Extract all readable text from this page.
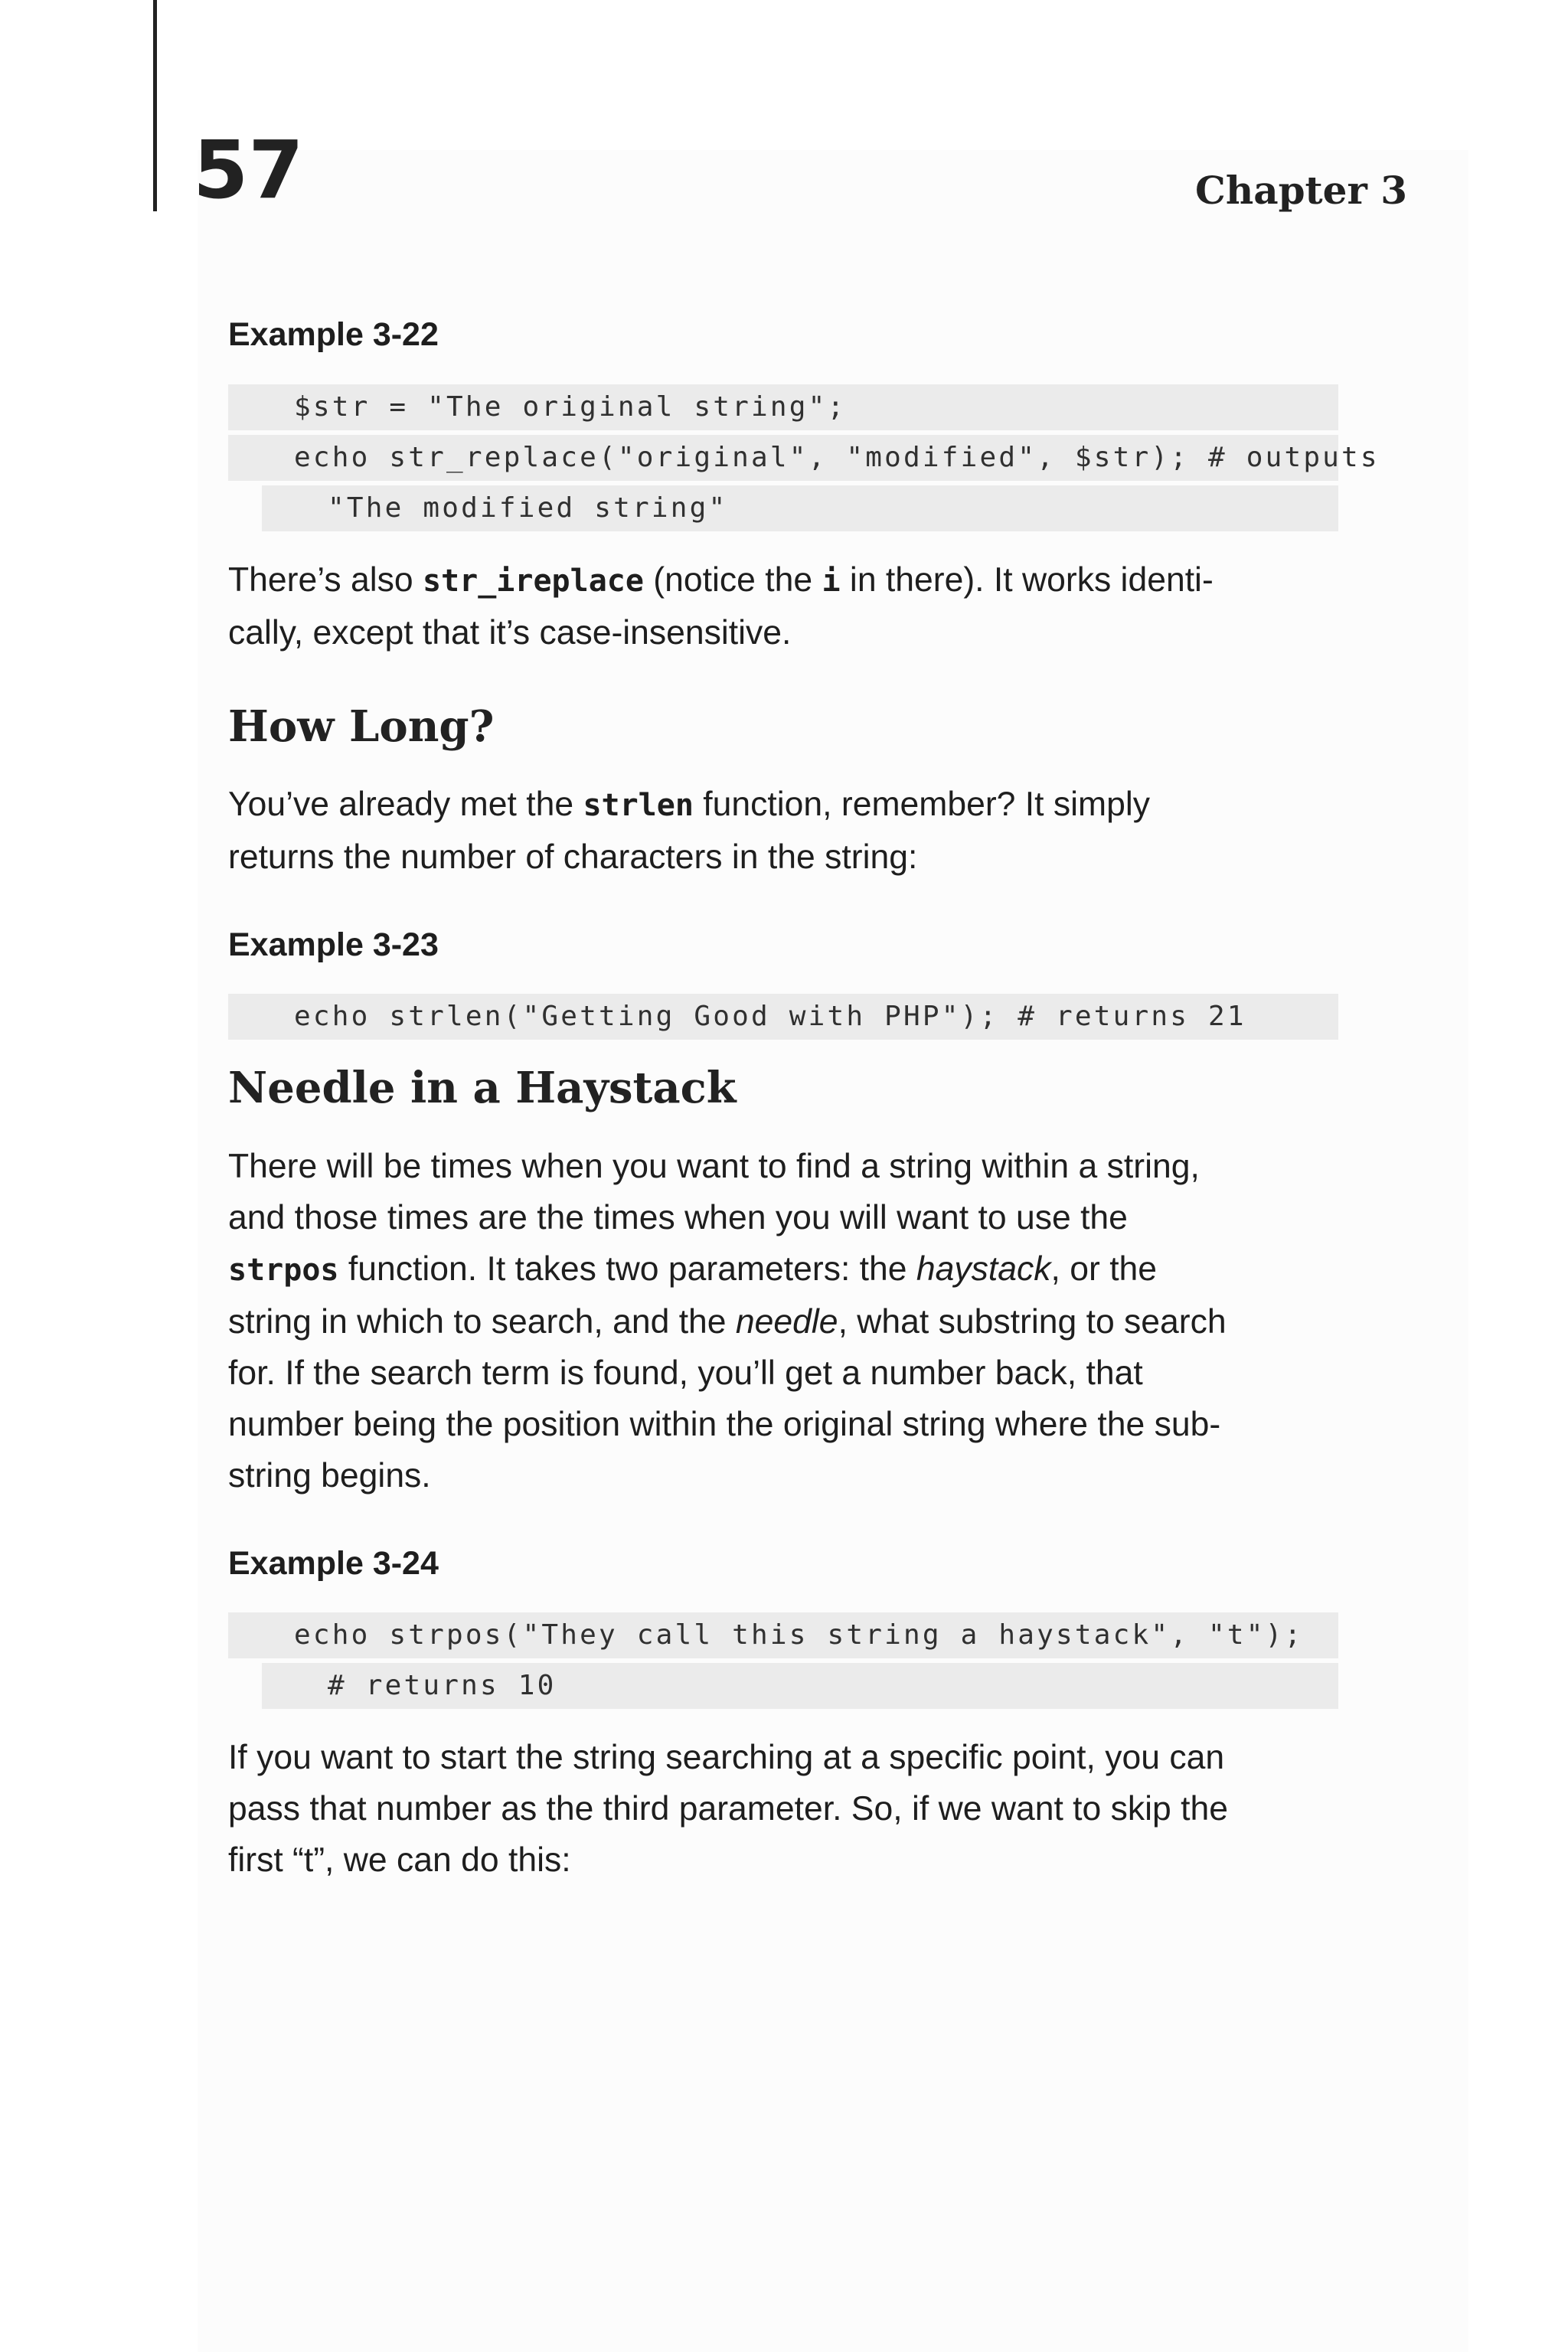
57	Chapter 3
Example 3-22
$str = "The original string";
echo str_replace("original", "modified", $str); # outputs
"The modified string"

There’s also str_ireplace (notice the i in there). It works identi-
cally, except that it’s case-insensitive.

How Long?

You’ve already met the strlen function, remember? It simply
returns the number of characters in the string:

Example 3-23
echo strlen("Getting Good with PHP"); # returns 21
Needle in a Haystack

There will be times when you want to find a string within a string,
and those times are the times when you will want to use the
strpos function. It takes two parameters: the haystack, or the
string in which to search, and the needle, what substring to search
for. If the search term is found, you’ll get a number back, that
number being the position within the original string where the sub-
string begins.

Example 3-24
echo strpos("They call this string a haystack", "t");
# returns 10

If you want to start the string searching at a specific point, you can
pass that number as the third parameter. So, if we want to skip the
first “t”, we can do this:
